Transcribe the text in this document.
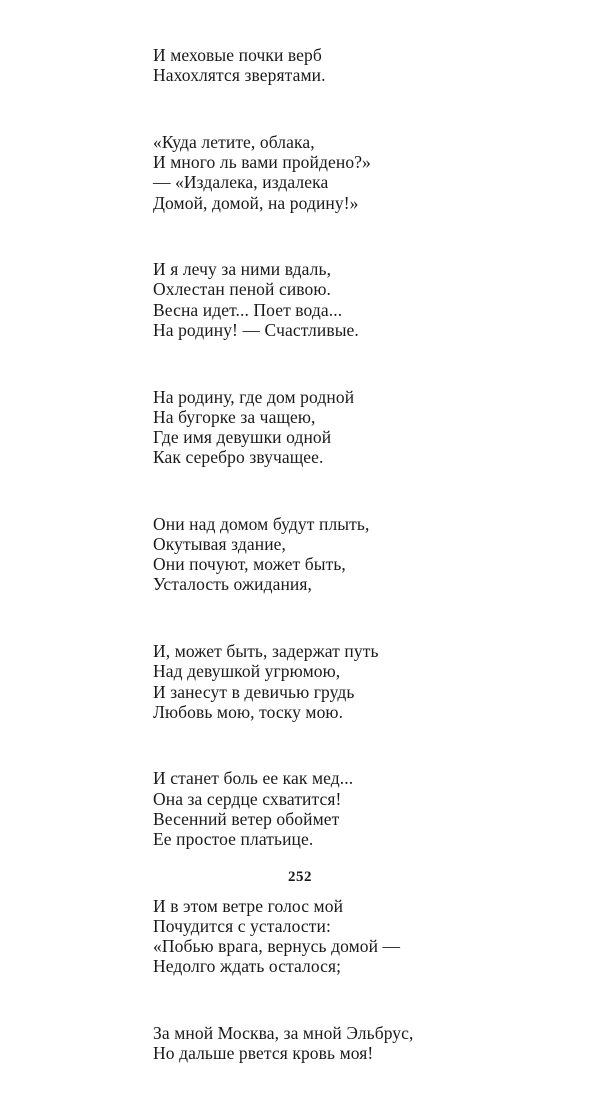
И меховые почки верб
Нахохлятся зверятами.
«Куда летите, облака,
И много ль вами пройдено?»
— «Издалека, издалека
Домой, домой, на родину!»
И я лечу за ними вдаль,
Охлестан пеной сивою.
Весна идет... Поет вода...
На родину! — Счастливые.
На родину, где дом родной
На бугорке за чащею,
Где имя девушки одной
Как серебро звучащее.
Они над домом будут плыть,
Окутывая здание,
Они почуют, может быть,
Усталость ожидания,
И, может быть, задержат путь
Над девушкой угрюмою,
И занесут в девичью грудь
Любовь мою, тоску мою.
И станет боль ее как мед...
Она за сердце схватится!
Весенний ветер обоймет
Ее простое платьице.
И в этом ветре голос мой
Почудится с усталости:
«Побью врага, вернусь домой —
Недолго ждать осталося;
За мной Москва, за мной Эльбрус,
Но дальше рвется кровь моя!
252
